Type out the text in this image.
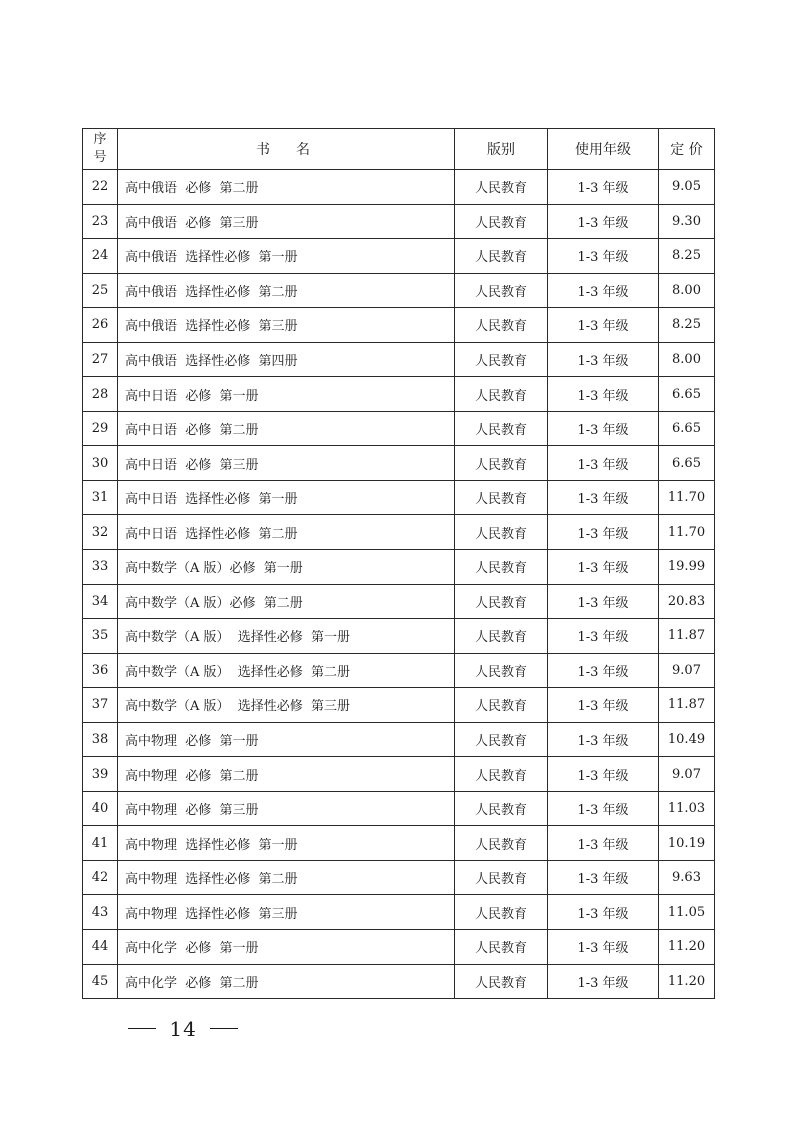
序
号	书　名	版别	使用年级	定 价
22	高中俄语  必修  第二册	人民教育	1-3 年级	9.05
23	高中俄语  必修  第三册	人民教育	1-3 年级	9.30
24	高中俄语  选择性必修  第一册	人民教育	1-3 年级	8.25
25	高中俄语  选择性必修  第二册	人民教育	1-3 年级	8.00
26	高中俄语  选择性必修  第三册	人民教育	1-3 年级	8.25
27	高中俄语  选择性必修  第四册	人民教育	1-3 年级	8.00
28	高中日语  必修  第一册	人民教育	1-3 年级	6.65
29	高中日语  必修  第二册	人民教育	1-3 年级	6.65
30	高中日语  必修  第三册	人民教育	1-3 年级	6.65
31	高中日语  选择性必修  第一册	人民教育	1-3 年级	11.70
32	高中日语  选择性必修  第二册	人民教育	1-3 年级	11.70
33	高中数学（A 版）必修  第一册	人民教育	1-3 年级	19.99
34	高中数学（A 版）必修  第二册	人民教育	1-3 年级	20.83
35	高中数学（A 版）  选择性必修  第一册	人民教育	1-3 年级	11.87
36	高中数学（A 版）  选择性必修  第二册	人民教育	1-3 年级	9.07
37	高中数学（A 版）  选择性必修  第三册	人民教育	1-3 年级	11.87
38	高中物理  必修  第一册	人民教育	1-3 年级	10.49
39	高中物理  必修  第二册	人民教育	1-3 年级	9.07
40	高中物理  必修  第三册	人民教育	1-3 年级	11.03
41	高中物理  选择性必修  第一册	人民教育	1-3 年级	10.19
42	高中物理  选择性必修  第二册	人民教育	1-3 年级	9.63
43	高中物理  选择性必修  第三册	人民教育	1-3 年级	11.05
44	高中化学  必修  第一册	人民教育	1-3 年级	11.20
45	高中化学  必修  第二册	人民教育	1-3 年级	11.20
14
